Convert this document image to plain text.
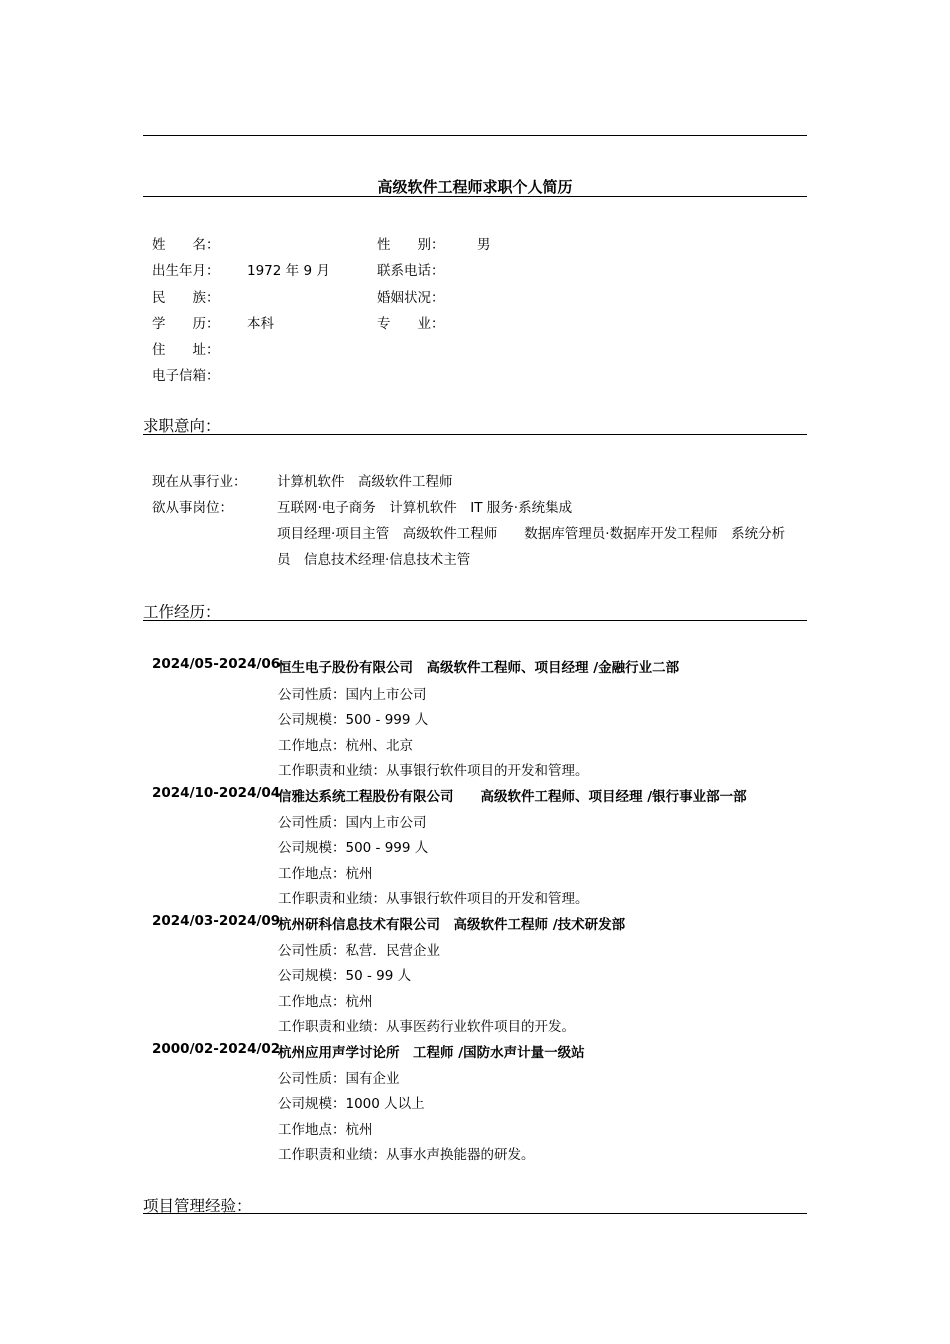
高级软件工程师求职个人简历
姓　　名：	性　　别： 男
出生年月： 1972 年 9 月	联系电话：
民　　族：	婚姻状况：
学　　历： 本科	专　　业：
住　　址：
电子信箱：
求职意向：
现在从事行业： 计算机软件　高级软件工程师
欲从事岗位：	互联网·电子商务　计算机软件　IT 服务·系统集成
项目经理·项目主管　高级软件工程师　　数据库管理员·数据库开发工程师　系统分析
员　信息技术经理·信息技术主管
工作经历：
2024/05-2024/06
恒生电子股份有限公司　高级软件工程师、项目经理 /金融行业二部
公司性质：国内上市公司
公司规模：500 - 999 人
工作地点：杭州、北京
工作职责和业绩：从事银行软件项目的开发和管理。
2024/10-2024/04
信雅达系统工程股份有限公司　　高级软件工程师、项目经理 /银行事业部一部
公司性质：国内上市公司
公司规模：500 - 999 人
工作地点：杭州
工作职责和业绩：从事银行软件项目的开发和管理。
2024/03-2024/09
杭州研科信息技术有限公司　高级软件工程师 /技术研发部
公司性质：私营．民营企业
公司规模：50 - 99 人
工作地点：杭州
工作职责和业绩：从事医药行业软件项目的开发。
2000/02-2024/02
杭州应用声学讨论所　工程师 /国防水声计量一级站
公司性质：国有企业
公司规模：1000 人以上
工作地点：杭州
工作职责和业绩：从事水声换能器的研发。
项目管理经验：
